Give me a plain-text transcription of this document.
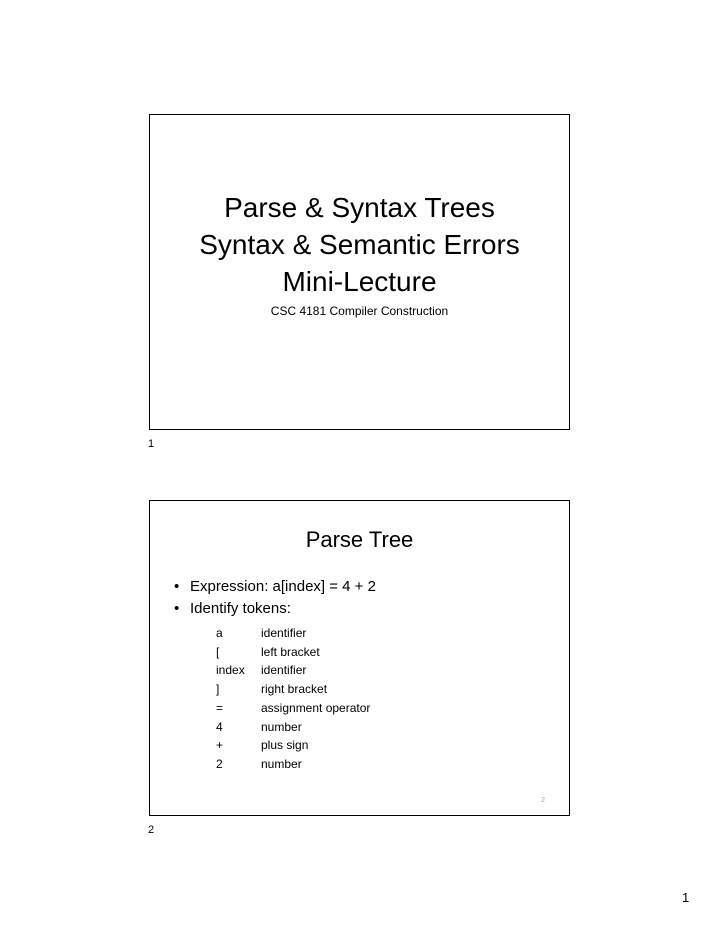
Parse & Syntax Trees
Syntax & Semantic Errors
Mini-Lecture
CSC 4181 Compiler Construction
1
Parse Tree
• Expression: a[index] = 4 + 2
• Identify tokens:
a	identifier
[	left bracket
index	identifier
]	right bracket
=	assignment operator
4	number
+	plus sign
2	number
2
2
1
